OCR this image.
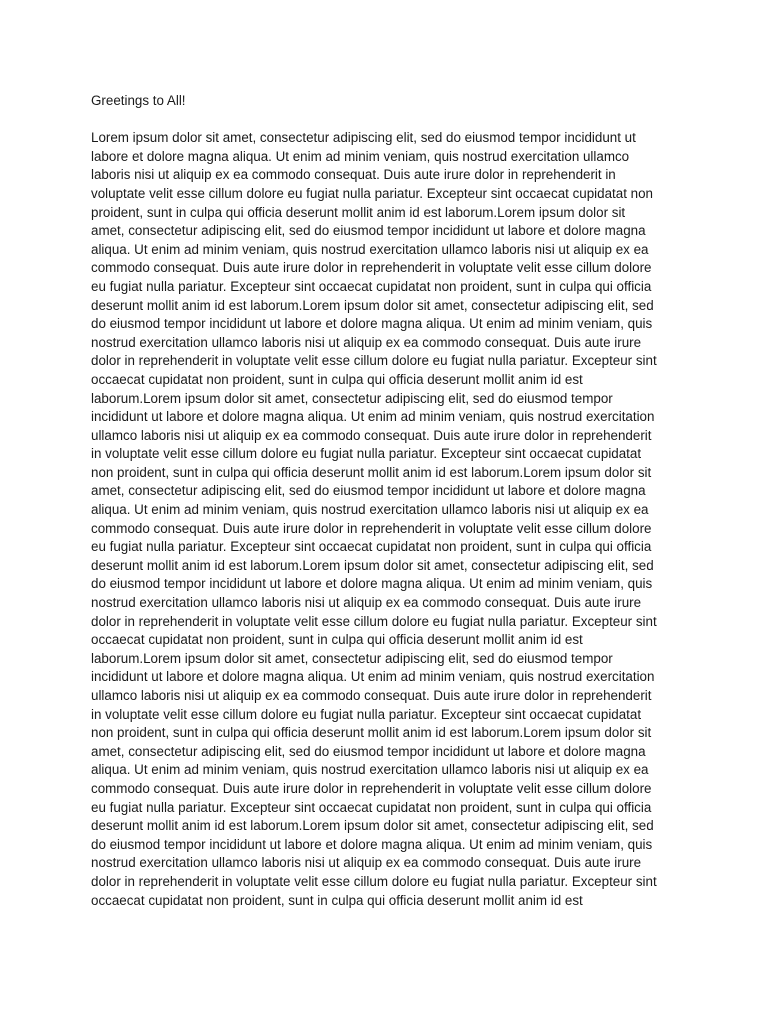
Greetings to All!

Lorem ipsum dolor sit amet, consectetur adipiscing elit, sed do eiusmod tempor incididunt ut

labore et dolore magna aliqua. Ut enim ad minim veniam, quis nostrud exercitation ullamco

laboris nisi ut aliquip ex ea commodo consequat. Duis aute irure dolor in reprehenderit in

voluptate velit esse cillum dolore eu fugiat nulla pariatur. Excepteur sint occaecat cupidatat non

proident, sunt in culpa qui officia deserunt mollit anim id est laborum.Lorem ipsum dolor sit

amet, consectetur adipiscing elit, sed do eiusmod tempor incididunt ut labore et dolore magna

aliqua. Ut enim ad minim veniam, quis nostrud exercitation ullamco laboris nisi ut aliquip ex ea

commodo consequat. Duis aute irure dolor in reprehenderit in voluptate velit esse cillum dolore

eu fugiat nulla pariatur. Excepteur sint occaecat cupidatat non proident, sunt in culpa qui officia

deserunt mollit anim id est laborum.Lorem ipsum dolor sit amet, consectetur adipiscing elit, sed

do eiusmod tempor incididunt ut labore et dolore magna aliqua. Ut enim ad minim veniam, quis

nostrud exercitation ullamco laboris nisi ut aliquip ex ea commodo consequat. Duis aute irure

dolor in reprehenderit in voluptate velit esse cillum dolore eu fugiat nulla pariatur. Excepteur sint

occaecat cupidatat non proident, sunt in culpa qui officia deserunt mollit anim id est

laborum.Lorem ipsum dolor sit amet, consectetur adipiscing elit, sed do eiusmod tempor

incididunt ut labore et dolore magna aliqua. Ut enim ad minim veniam, quis nostrud exercitation

ullamco laboris nisi ut aliquip ex ea commodo consequat. Duis aute irure dolor in reprehenderit

in voluptate velit esse cillum dolore eu fugiat nulla pariatur. Excepteur sint occaecat cupidatat

non proident, sunt in culpa qui officia deserunt mollit anim id est laborum.Lorem ipsum dolor sit

amet, consectetur adipiscing elit, sed do eiusmod tempor incididunt ut labore et dolore magna

aliqua. Ut enim ad minim veniam, quis nostrud exercitation ullamco laboris nisi ut aliquip ex ea

commodo consequat. Duis aute irure dolor in reprehenderit in voluptate velit esse cillum dolore

eu fugiat nulla pariatur. Excepteur sint occaecat cupidatat non proident, sunt in culpa qui officia

deserunt mollit anim id est laborum.Lorem ipsum dolor sit amet, consectetur adipiscing elit, sed

do eiusmod tempor incididunt ut labore et dolore magna aliqua. Ut enim ad minim veniam, quis

nostrud exercitation ullamco laboris nisi ut aliquip ex ea commodo consequat. Duis aute irure

dolor in reprehenderit in voluptate velit esse cillum dolore eu fugiat nulla pariatur. Excepteur sint

occaecat cupidatat non proident, sunt in culpa qui officia deserunt mollit anim id est

laborum.Lorem ipsum dolor sit amet, consectetur adipiscing elit, sed do eiusmod tempor

incididunt ut labore et dolore magna aliqua. Ut enim ad minim veniam, quis nostrud exercitation

ullamco laboris nisi ut aliquip ex ea commodo consequat. Duis aute irure dolor in reprehenderit

in voluptate velit esse cillum dolore eu fugiat nulla pariatur. Excepteur sint occaecat cupidatat

non proident, sunt in culpa qui officia deserunt mollit anim id est laborum.Lorem ipsum dolor sit

amet, consectetur adipiscing elit, sed do eiusmod tempor incididunt ut labore et dolore magna

aliqua. Ut enim ad minim veniam, quis nostrud exercitation ullamco laboris nisi ut aliquip ex ea

commodo consequat. Duis aute irure dolor in reprehenderit in voluptate velit esse cillum dolore

eu fugiat nulla pariatur. Excepteur sint occaecat cupidatat non proident, sunt in culpa qui officia

deserunt mollit anim id est laborum.Lorem ipsum dolor sit amet, consectetur adipiscing elit, sed

do eiusmod tempor incididunt ut labore et dolore magna aliqua. Ut enim ad minim veniam, quis

nostrud exercitation ullamco laboris nisi ut aliquip ex ea commodo consequat. Duis aute irure

dolor in reprehenderit in voluptate velit esse cillum dolore eu fugiat nulla pariatur. Excepteur sint

occaecat cupidatat non proident, sunt in culpa qui officia deserunt mollit anim id est
